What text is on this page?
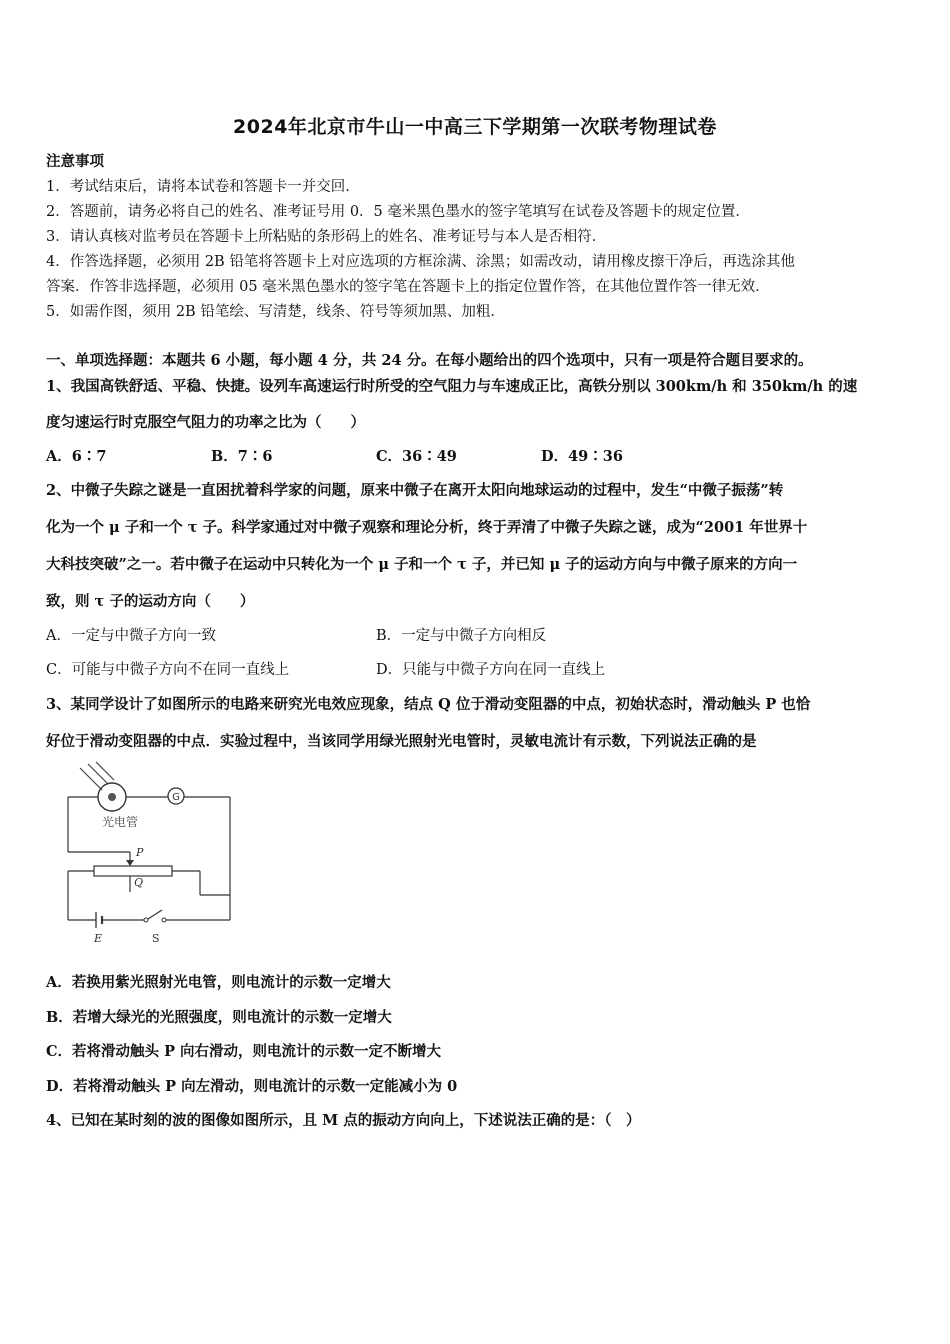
2024年北京市牛山一中高三下学期第一次联考物理试卷
注意事项
1．考试结束后，请将本试卷和答题卡一并交回．
2．答题前，请务必将自己的姓名、准考证号用 0．5 毫米黑色墨水的签字笔填写在试卷及答题卡的规定位置．
3．请认真核对监考员在答题卡上所粘贴的条形码上的姓名、准考证号与本人是否相符．
4．作答选择题，必须用 2B 铅笔将答题卡上对应选项的方框涂满、涂黑；如需改动，请用橡皮擦干净后，再选涂其他
答案．作答非选择题，必须用 05 毫米黑色墨水的签字笔在答题卡上的指定位置作答，在其他位置作答一律无效．
5．如需作图，须用 2B 铅笔绘、写清楚，线条、符号等须加黑、加粗．
一、单项选择题：本题共 6 小题，每小题 4 分，共 24 分。在每小题给出的四个选项中，只有一项是符合题目要求的。
1、我国高铁舒适、平稳、快捷。设列车高速运行时所受的空气阻力与车速成正比，高铁分别以 300km/h 和 350km/h 的速
度匀速运行时克服空气阻力的功率之比为（　　）
A．6∶7	B．7∶6	C．36∶49	D．49∶36
2、中微子失踪之谜是一直困扰着科学家的问题，原来中微子在离开太阳向地球运动的过程中，发生“中微子振荡”转
化为一个 μ 子和一个 τ 子。科学家通过对中微子观察和理论分析，终于弄清了中微子失踪之谜，成为“2001 年世界十
大科技突破”之一。若中微子在运动中只转化为一个 μ 子和一个 τ 子，并已知 μ 子的运动方向与中微子原来的方向一
致，则 τ 子的运动方向（　　）
A．一定与中微子方向一致	B．一定与中微子方向相反
C．可能与中微子方向不在同一直线上	D．只能与中微子方向在同一直线上
3、某同学设计了如图所示的电路来研究光电效应现象，结点 Q 位于滑动变阻器的中点，初始状态时，滑动触头 P 也恰
好位于滑动变阻器的中点．实验过程中，当该同学用绿光照射光电管时，灵敏电流计有示数，下列说法正确的是
G
光电管
P
Q
E	S
A．若换用紫光照射光电管，则电流计的示数一定增大
B．若增大绿光的光照强度，则电流计的示数一定增大
C．若将滑动触头 P 向右滑动，则电流计的示数一定不断增大
D．若将滑动触头 P 向左滑动，则电流计的示数一定能减小为 0
4、已知在某时刻的波的图像如图所示，且 M 点的振动方向向上，下述说法正确的是：（　）
